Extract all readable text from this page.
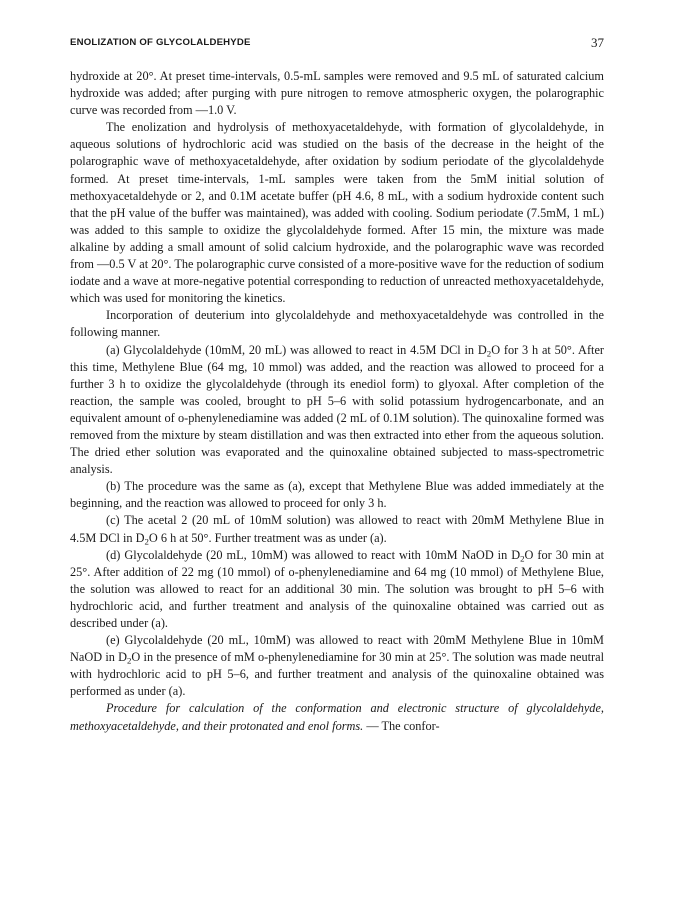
ENOLIZATION OF GLYCOLALDEHYDE	37

hydroxide at 20°. At preset time-intervals, 0.5-mL samples were removed and 9.5 mL of saturated calcium hydroxide was added; after purging with pure nitrogen to remove atmospheric oxygen, the polarographic curve was recorded from —1.0 V.

The enolization and hydrolysis of methoxyacetaldehyde, with formation of glycolaldehyde, in aqueous solutions of hydrochloric acid was studied on the basis of the decrease in the height of the polarographic wave of methoxyacetaldehyde, after oxidation by sodium periodate of the glycolaldehyde formed. At preset time-intervals, 1-mL samples were taken from the 5mM initial solution of methoxyacetaldehyde or 2, and 0.1M acetate buffer (pH 4.6, 8 mL, with a sodium hydroxide content such that the pH value of the buffer was maintained), was added with cooling. Sodium periodate (7.5mM, 1 mL) was added to this sample to oxidize the glycolaldehyde formed. After 15 min, the mixture was made alkaline by adding a small amount of solid calcium hydroxide, and the polarographic wave was recorded from —0.5 V at 20°. The polarographic curve consisted of a more-positive wave for the reduction of sodium iodate and a wave at more-negative potential corresponding to reduction of unreacted methoxyacetaldehyde, which was used for monitoring the kinetics.

Incorporation of deuterium into glycolaldehyde and methoxyacetaldehyde was controlled in the following manner.

(a) Glycolaldehyde (10mM, 20 mL) was allowed to react in 4.5M DCl in $D_2O$ for 3 h at 50°. After this time, Methylene Blue (64 mg, 10 mmol) was added, and the reaction was allowed to proceed for a further 3 h to oxidize the glycolaldehyde (through its enediol form) to glyoxal. After completion of the reaction, the sample was cooled, brought to pH 5–6 with solid potassium hydrogencarbonate, and an equivalent amount of o-phenylenediamine was added (2 mL of 0.1M solution). The quinoxaline formed was removed from the mixture by steam distillation and was then extracted into ether from the aqueous solution. The dried ether solution was evaporated and the quinoxaline obtained subjected to mass-spectrometric analysis.

(b) The procedure was the same as (a), except that Methylene Blue was added immediately at the beginning, and the reaction was allowed to proceed for only 3 h.

(c) The acetal 2 (20 mL of 10mM solution) was allowed to react with 20mM Methylene Blue in 4.5M DCl in $D_2O$ 6 h at 50°. Further treatment was as under (a).

(d) Glycolaldehyde (20 mL, 10mM) was allowed to react with 10mM NaOD in $D_2O$ for 30 min at 25°. After addition of 22 mg (10 mmol) of o-phenylenediamine and 64 mg (10 mmol) of Methylene Blue, the solution was allowed to react for an additional 30 min. The solution was brought to pH 5–6 with hydrochloric acid, and further treatment and analysis of the quinoxaline obtained was carried out as described under (a).

(e) Glycolaldehyde (20 mL, 10mM) was allowed to react with 20mM Methylene Blue in 10mM NaOD in $D_2O$ in the presence of mM o-phenylenediamine for 30 min at 25°. The solution was made neutral with hydrochloric acid to pH 5–6, and further treatment and analysis of the quinoxaline obtained was performed as under (a).

Procedure for calculation of the conformation and electronic structure of glycolaldehyde, methoxyacetaldehyde, and their protonated and enol forms. — The confor-
